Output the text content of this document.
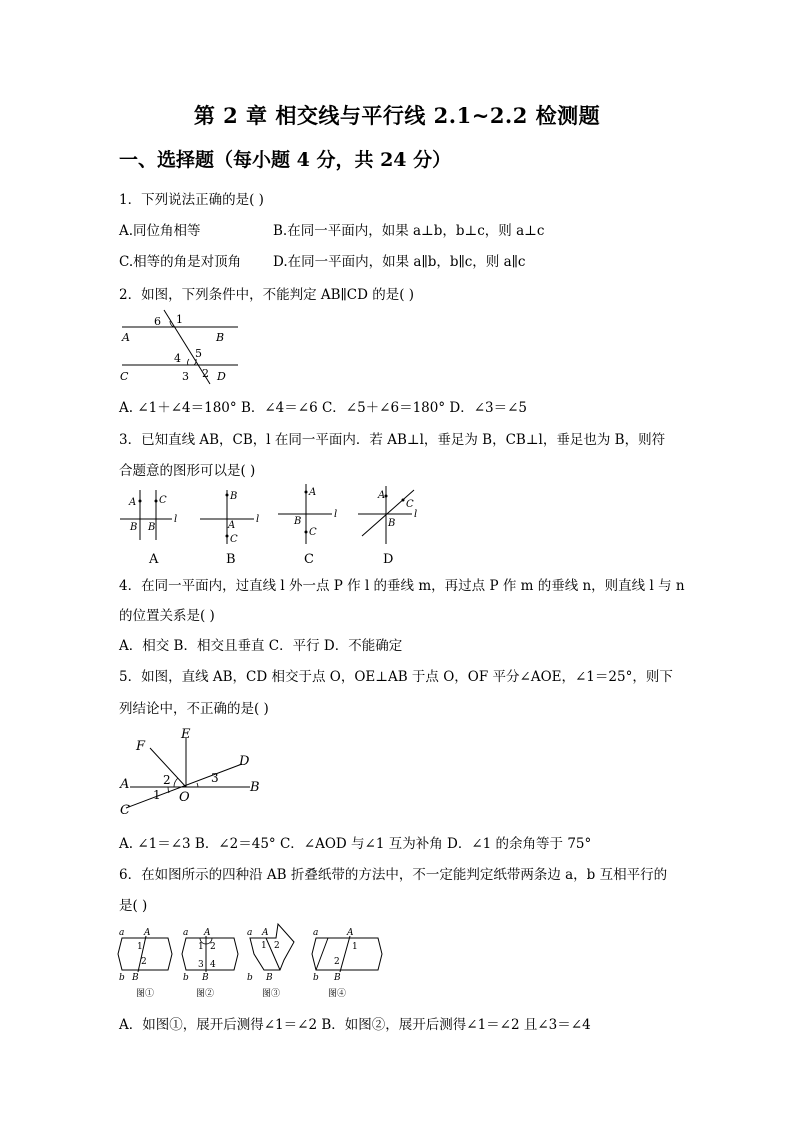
第 2 章 相交线与平行线 2.1~2.2 检测题
一、选择题（每小题 4 分，共 24 分）
1．下列说法正确的是( )
A.同位角相等	B.在同一平面内，如果 a⊥b，b⊥c，则 a⊥c
C.相等的角是对顶角 D.在同一平面内，如果 a∥b，b∥c，则 a∥c
2．如图，下列条件中，不能判定 AB∥CD 的是( )
6 1
A	B
4 5
C	3 2 D
A. ∠1＋∠4＝180° B．∠4＝∠6 C．∠5＋∠6＝180° D．∠3＝∠5
3．已知直线 AB，CB，l 在同一平面内．若 AB⊥l，垂足为 B，CB⊥l，垂足也为 B，则符
合题意的图形可以是( )
A C
B B
l
A
B
A
C
l
B
A
B
C
l
C
A
C
B
l
D
4．在同一平面内，过直线 l 外一点 P 作 l 的垂线 m，再过点 P 作 m 的垂线 n，则直线 l 与 n
的位置关系是( )
A．相交 B．相交且垂直 C．平行 D．不能确定
5．如图，直线 AB，CD 相交于点 O，OE⊥AB 于点 O，OF 平分∠AOE，∠1＝25°，则下
列结论中，不正确的是( )
F
E
D
A	2	3
B
1 O
C
A. ∠1＝∠3 B．∠2＝45° C．∠AOD 与∠1 互为补角 D．∠1 的余角等于 75°
6．在如图所示的四种沿 AB 折叠纸带的方法中，不一定能判定纸带两条边 a，b 互相平行的
是( )
a A
1
2
b B
图①
a A
1 2
3 4
b B
图②
a A
1 2
b B
图③
a	A
1
2
b B
图④
A．如图①，展开后测得∠1＝∠2 B．如图②，展开后测得∠1＝∠2 且∠3＝∠4
